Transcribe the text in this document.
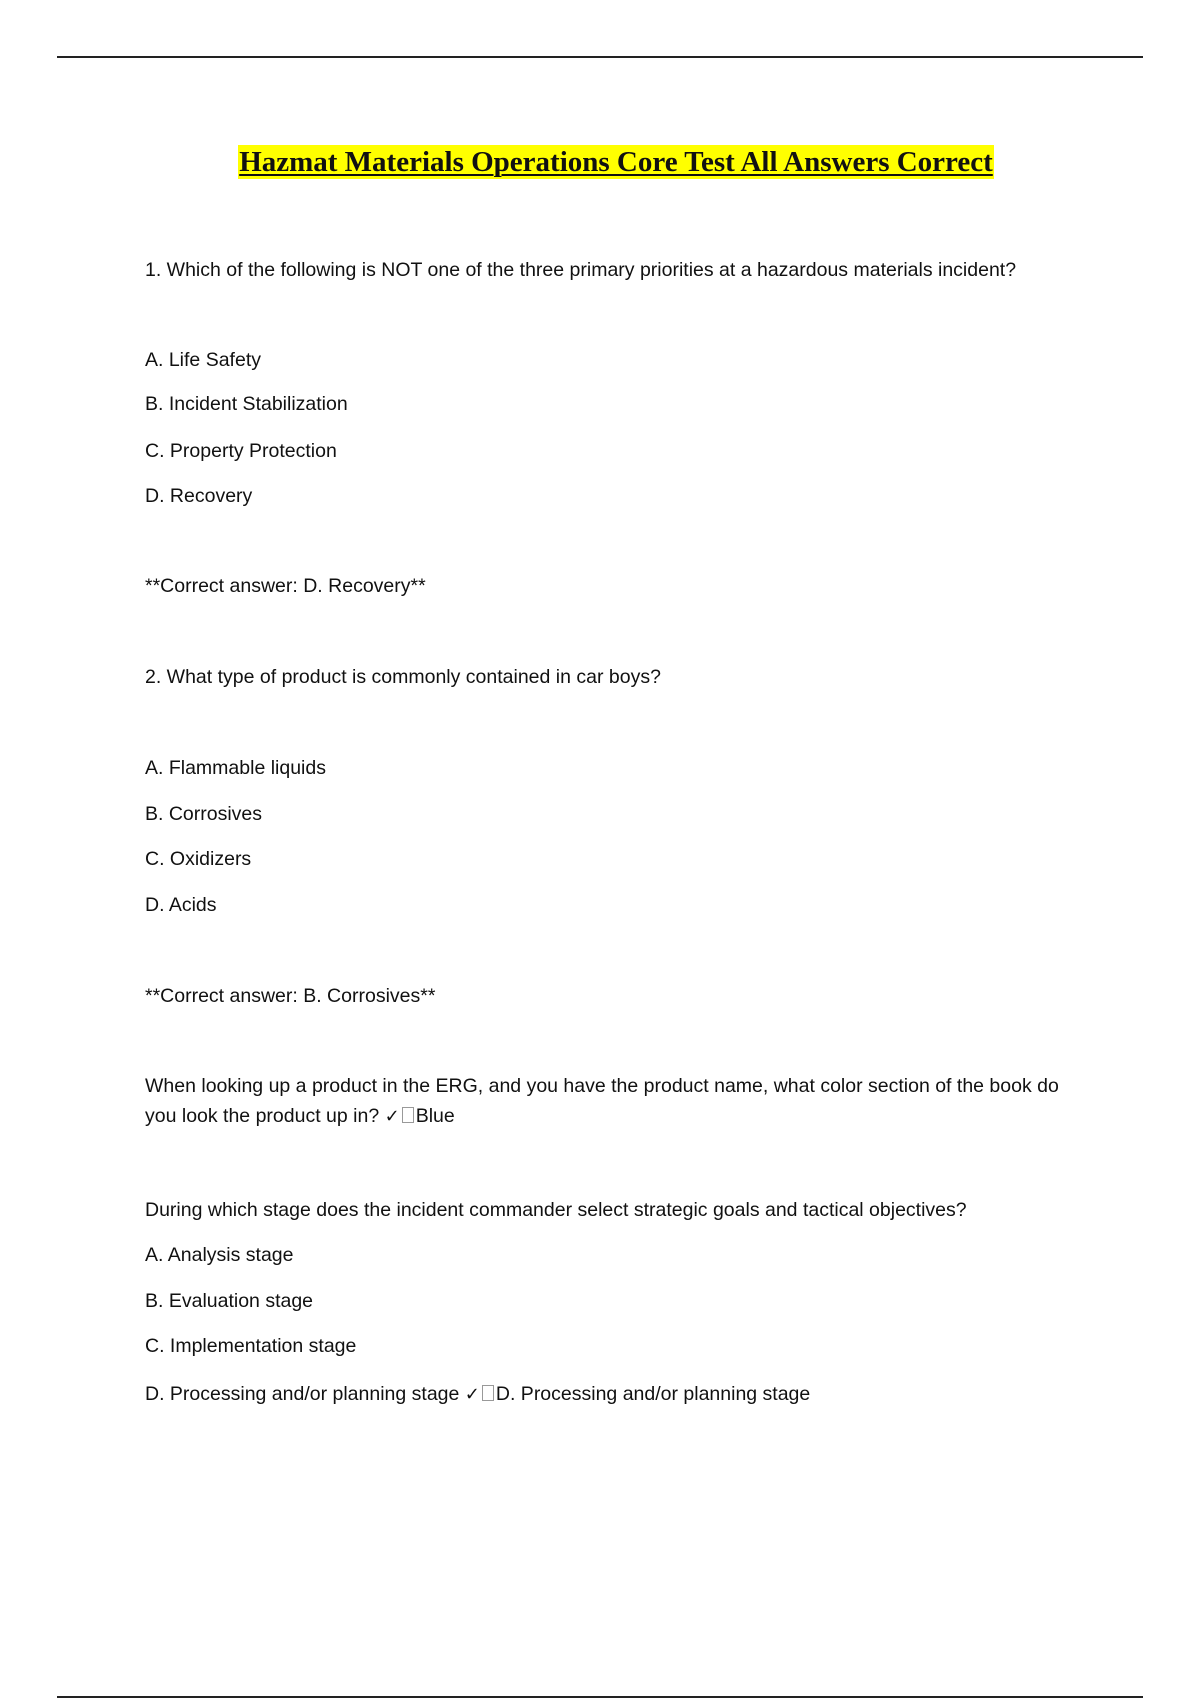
Hazmat Materials Operations Core Test All Answers Correct
1. Which of the following is NOT one of the three primary priorities at a hazardous materials incident?
A. Life Safety
B. Incident Stabilization
C. Property Protection
D. Recovery
**Correct answer: D. Recovery**
2. What type of product is commonly contained in car boys?
A. Flammable liquids
B. Corrosives
C. Oxidizers
D. Acids
**Correct answer: B. Corrosives**
When looking up a product in the ERG, and you have the product name, what color section of the book do you look the product up in? ✓ Blue
During which stage does the incident commander select strategic goals and tactical objectives?
A. Analysis stage
B. Evaluation stage
C. Implementation stage
D. Processing and/or planning stage ✓ D. Processing and/or planning stage
